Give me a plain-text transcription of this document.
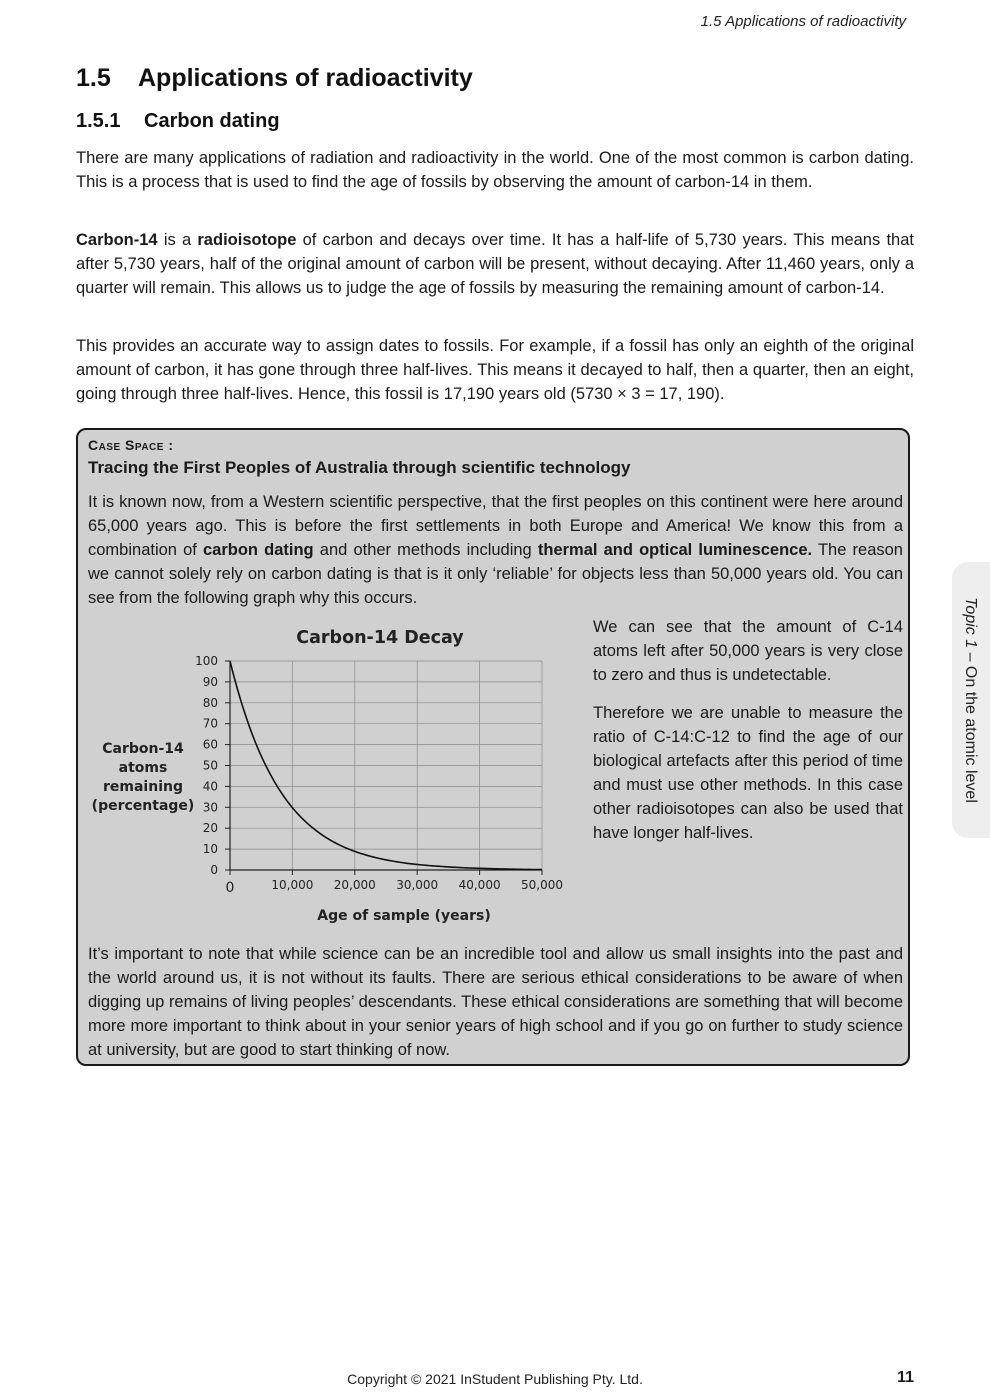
1.5 Applications of radioactivity
1.5 Applications of radioactivity
1.5.1 Carbon dating

There are many applications of radiation and radioactivity in the world. One of the most common is carbon dating. This is a process that is used to find the age of fossils by observing the amount of carbon-14 in them.

Carbon-14 is a radioisotope of carbon and decays over time. It has a half-life of 5,730 years. This means that after 5,730 years, half of the original amount of carbon will be present, without decaying. After 11,460 years, only a quarter will remain. This allows us to judge the age of fossils by measuring the remaining amount of carbon-14.

This provides an accurate way to assign dates to fossils. For example, if a fossil has only an eighth of the original amount of carbon, it has gone through three half-lives. This means it decayed to half, then a quarter, then an eight, going through three half-lives. Hence, this fossil is 17,190 years old (5730 × 3 = 17, 190).

Case Space :
Tracing the First Peoples of Australia through scientific technology

It is known now, from a Western scientific perspective, that the first peoples on this continent were here around 65,000 years ago. This is before the first settlements in both Europe and America! We know this from a combination of carbon dating and other methods including thermal and optical luminescence. The reason we cannot solely rely on carbon dating is that is it only ‘reliable’ for objects less than 50,000 years old. You can see from the following graph why this occurs.

Carbon-14 Decay
0
10
20
30
40
50
60
70
80
90
100
0	10,000 20,000 30,000 40,000 50,000
Carbon-14
atoms
remaining
(percentage)
Age of sample (years)

We can see that the amount of C-14 atoms left after 50,000 years is very close to zero and thus is undetectable.

Therefore we are unable to measure the ratio of C-14:C-12 to find the age of our biological artefacts after this period of time and must use other methods. In this case other radioisotopes can also be used that have longer half-lives.

It’s important to note that while science can be an incredible tool and allow us small insights into the past and the world around us, it is not without its faults. There are serious ethical considerations to be aware of when digging up remains of living peoples’ descendants. These ethical considerations are something that will become more more important to think about in your senior years of high school and if you go on further to study science at university, but are good to start thinking of now.

Topic 1 – On the atomic level
Copyright © 2021 InStudent Publishing Pty. Ltd.	11
